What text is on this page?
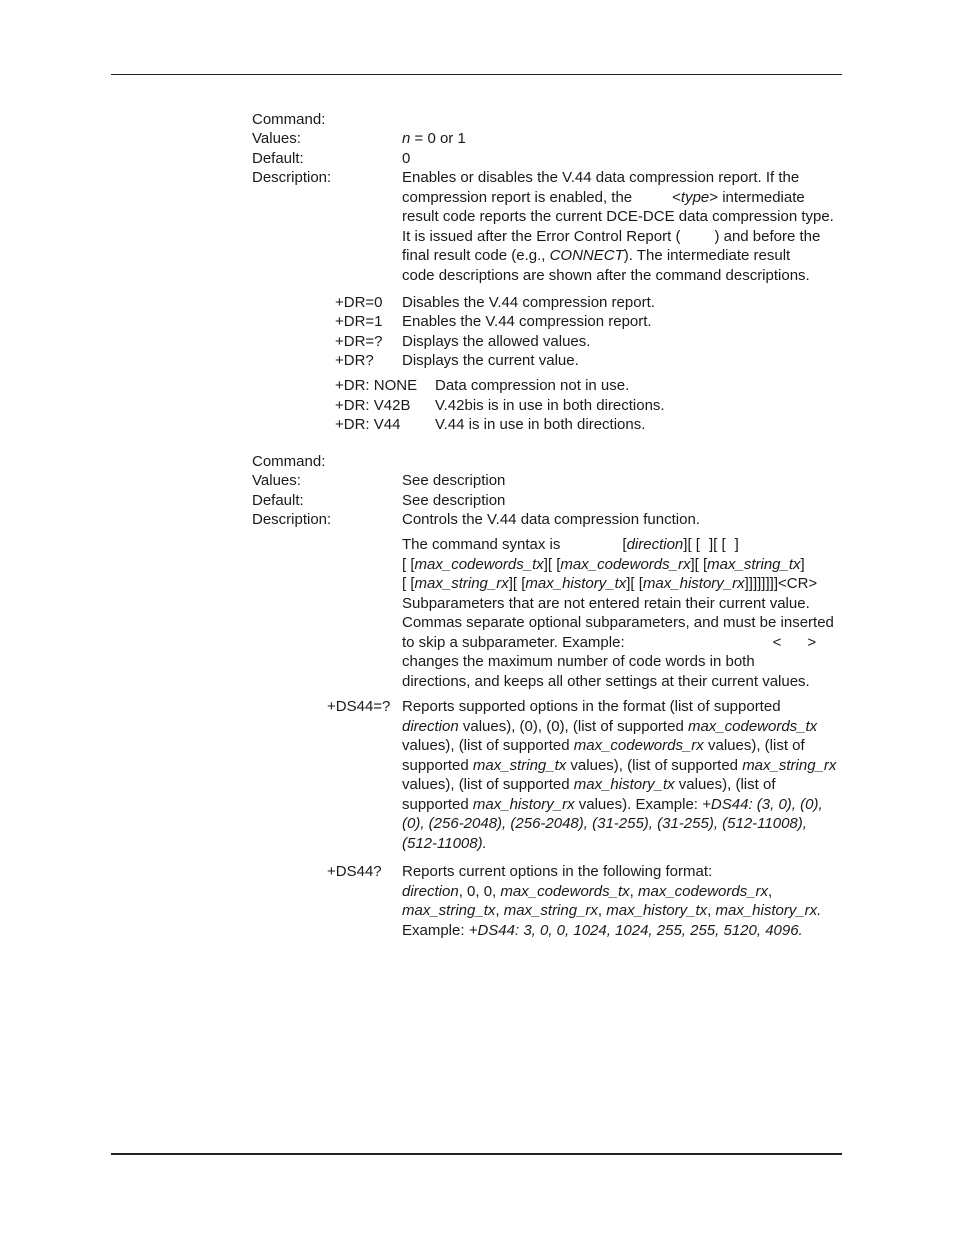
Command:
Values:	n = 0 or 1
Default:	0
Description:	Enables or disables the V.44 data compression report. If the
compression report is enabled, the	<type> intermediate
result code reports the current DCE-DCE data compression type.
It is issued after the Error Control Report ( ) and before the
final result code (e.g., CONNECT). The intermediate result
code descriptions are shown after the command descriptions.
+DR=0 Disables the V.44 compression report.
+DR=1 Enables the V.44 compression report.
+DR=? Displays the allowed values.
+DR? Displays the current value.
+DR: NONE Data compression not in use.
+DR: V42B V.42bis is in use in both directions.
+DR: V44 V.44 is in use in both directions.
Command:
Values:	See description
Default:	See description
Description:	Controls the V.44 data compression function.
The command syntax is	[direction][ [ ][ [ ]
[ [max_codewords_tx][ [max_codewords_rx][ [max_string_tx]
[ [max_string_rx][ [max_history_tx][ [max_history_rx]]]]]]]]<CR>
Subparameters that are not entered retain their current value.
Commas separate optional subparameters, and must be inserted
to skip a subparameter. Example:	< >
changes the maximum number of code words in both
directions, and keeps all other settings at their current values.
+DS44=? Reports supported options in the format (list of supported
direction values), (0), (0), (list of supported max_codewords_tx
values), (list of supported max_codewords_rx values), (list of
supported max_string_tx values), (list of supported max_string_rx
values), (list of supported max_history_tx values), (list of
supported max_history_rx values). Example: +DS44: (3, 0), (0),
(0), (256-2048), (256-2048), (31-255), (31-255), (512-11008),
(512-11008).
+DS44? Reports current options in the following format:
direction, 0, 0, max_codewords_tx, max_codewords_rx,
max_string_tx, max_string_rx, max_history_tx, max_history_rx.
Example: +DS44: 3, 0, 0, 1024, 1024, 255, 255, 5120, 4096.
